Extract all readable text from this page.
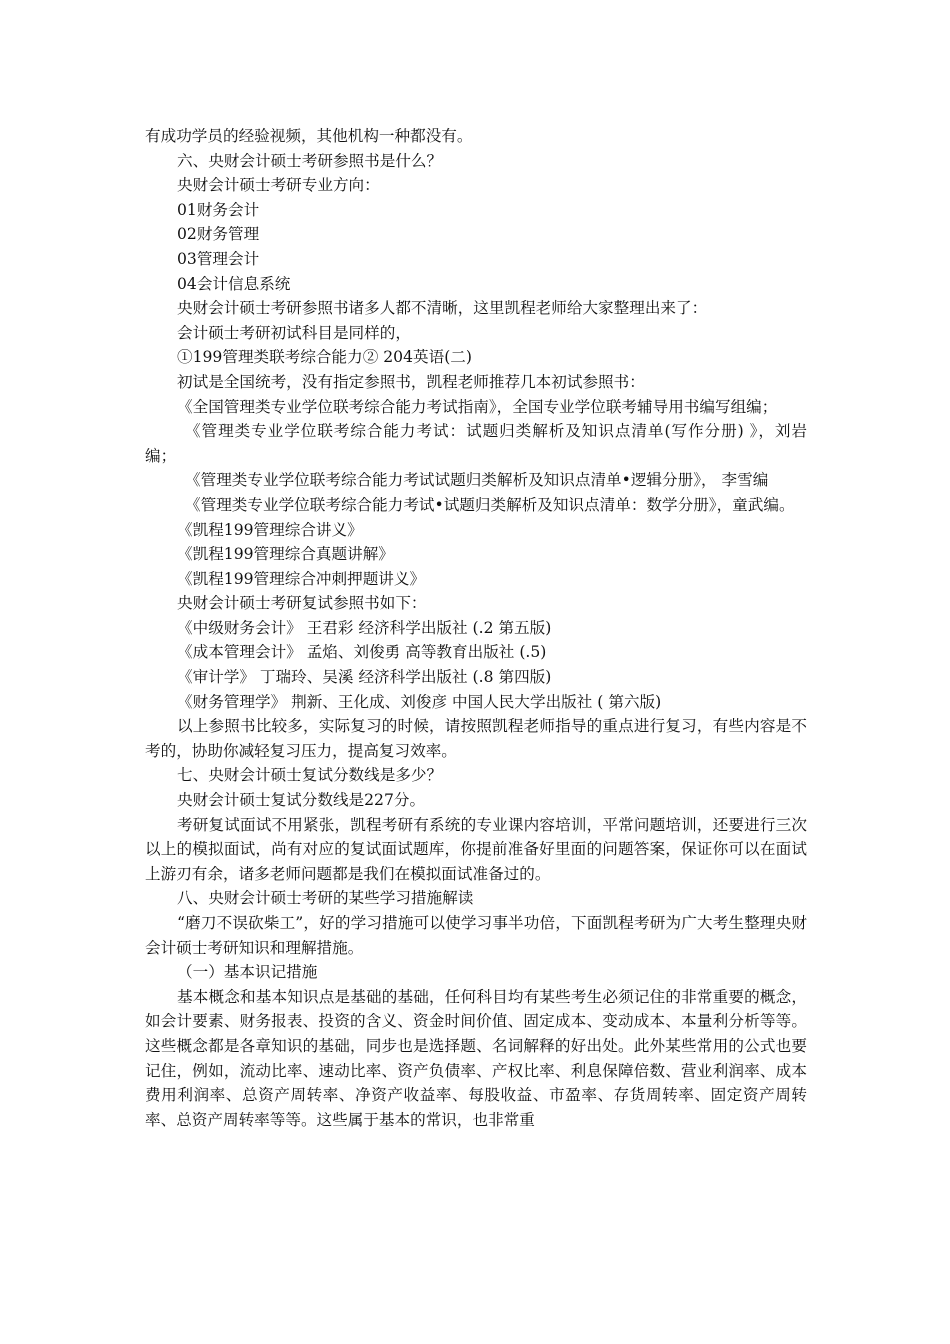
有成功学员的经验视频，其他机构一种都没有。

六、央财会计硕士考研参照书是什么？

央财会计硕士考研专业方向：

01财务会计

02财务管理

03管理会计

04会计信息系统

央财会计硕士考研参照书诸多人都不清晰，这里凯程老师给大家整理出来了：

会计硕士考研初试科目是同样的，

①199管理类联考综合能力② 204英语(二)

初试是全国统考，没有指定参照书，凯程老师推荐几本初试参照书：

《全国管理类专业学位联考综合能力考试指南》，全国专业学位联考辅导用书编写组编；

《管理类专业学位联考综合能力考试：试题归类解析及知识点清单(写作分册) 》，刘岩 编；

《管理类专业学位联考综合能力考试试题归类解析及知识点清单•逻辑分册》， 李雪编

《管理类专业学位联考综合能力考试•试题归类解析及知识点清单：数学分册》，童武编。

《凯程199管理综合讲义》

《凯程199管理综合真题讲解》

《凯程199管理综合冲刺押题讲义》

央财会计硕士考研复试参照书如下：

《中级财务会计》 王君彩 经济科学出版社 (.2 第五版)

《成本管理会计》 孟焰、刘俊勇 高等教育出版社 (.5)

《审计学》 丁瑞玲、吴溪 经济科学出版社 (.8 第四版)

《财务管理学》 荆新、王化成、刘俊彦 中国人民大学出版社 ( 第六版)

以上参照书比较多，实际复习的时候，请按照凯程老师指导的重点进行复习，有些内容是不考的，协助你减轻复习压力，提高复习效率。

七、央财会计硕士复试分数线是多少？

央财会计硕士复试分数线是227分。

考研复试面试不用紧张，凯程考研有系统的专业课内容培训，平常问题培训，还要进行三次以上的模拟面试，尚有对应的复试面试题库，你提前准备好里面的问题答案，保证你可以在面试上游刃有余，诸多老师问题都是我们在模拟面试准备过的。

八、央财会计硕士考研的某些学习措施解读

“磨刀不误砍柴工”，好的学习措施可以使学习事半功倍，下面凯程考研为广大考生整理央财会计硕士考研知识和理解措施。

（一）基本识记措施

基本概念和基本知识点是基础的基础，任何科目均有某些考生必须记住的非常重要的概念，如会计要素、财务报表、投资的含义、资金时间价值、固定成本、变动成本、本量利分析等等。这些概念都是各章知识的基础，同步也是选择题、名词解释的好出处。此外某些常用的公式也要记住，例如，流动比率、速动比率、资产负债率、产权比率、利息保障倍数、营业利润率、成本费用利润率、总资产周转率、净资产收益率、每股收益、市盈率、存货周转率、固定资产周转率、总资产周转率等等。这些属于基本的常识，也非常重
